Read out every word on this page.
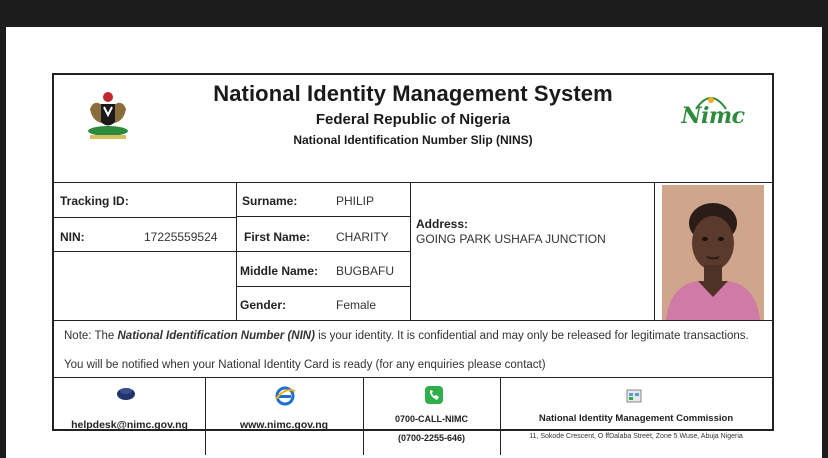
National Identity Management System
Federal Republic of Nigeria
National Identification Number Slip (NINS)
Nimc
Tracking ID:
NIN:	17225559524
Surname:	PHILIP
First Name: CHARITY
Middle Name: BUGBAFU
Gender:	Female
Address:
GOING PARK USHAFA JUNCTION
Note: The National Identification Number (NIN) is your identity. It is confidential and may only be released for legitimate transactions.
You will be notified when your National Identity Card is ready (for any enquiries please contact)
helpdesk@nimc.gov.ng	www.nimc.gov.ng	0700-CALL-NIMC
(0700-2255-646)
National Identity Management Commission
11, Sokode Crescent, O ffDalaba Street, Zone 5 Wuse, Abuja Nigeria
